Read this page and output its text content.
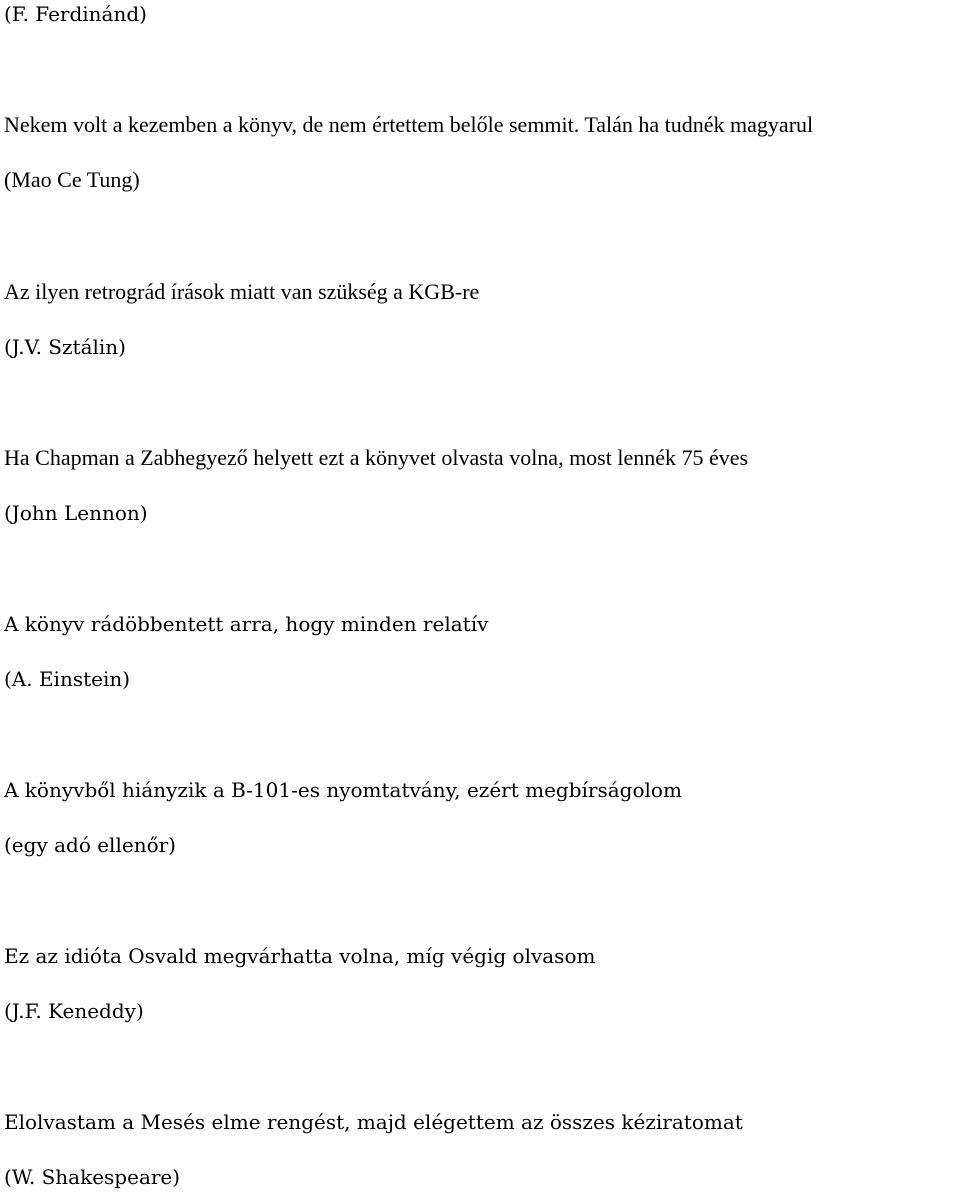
(F. Ferdinánd)
Nekem volt a kezemben a könyv, de nem értettem belőle semmit. Talán ha tudnék magyarul
(Mao Ce Tung)
Az ilyen retrográd írások miatt van szükség a KGB-re
(J.V. Sztálin)
Ha Chapman a Zabhegyező helyett ezt a könyvet olvasta volna, most lennék 75 éves
(John Lennon)
A könyv rádöbbentett arra, hogy minden relatív
(A. Einstein)
A könyvből hiányzik a B-101-es nyomtatvány, ezért megbírságolom
(egy adó ellenőr)
Ez az idióta Osvald megvárhatta volna, míg végig olvasom
(J.F. Keneddy)
Elolvastam a Mesés elme rengést, majd elégettem az összes kéziratomat
(W. Shakespeare)
